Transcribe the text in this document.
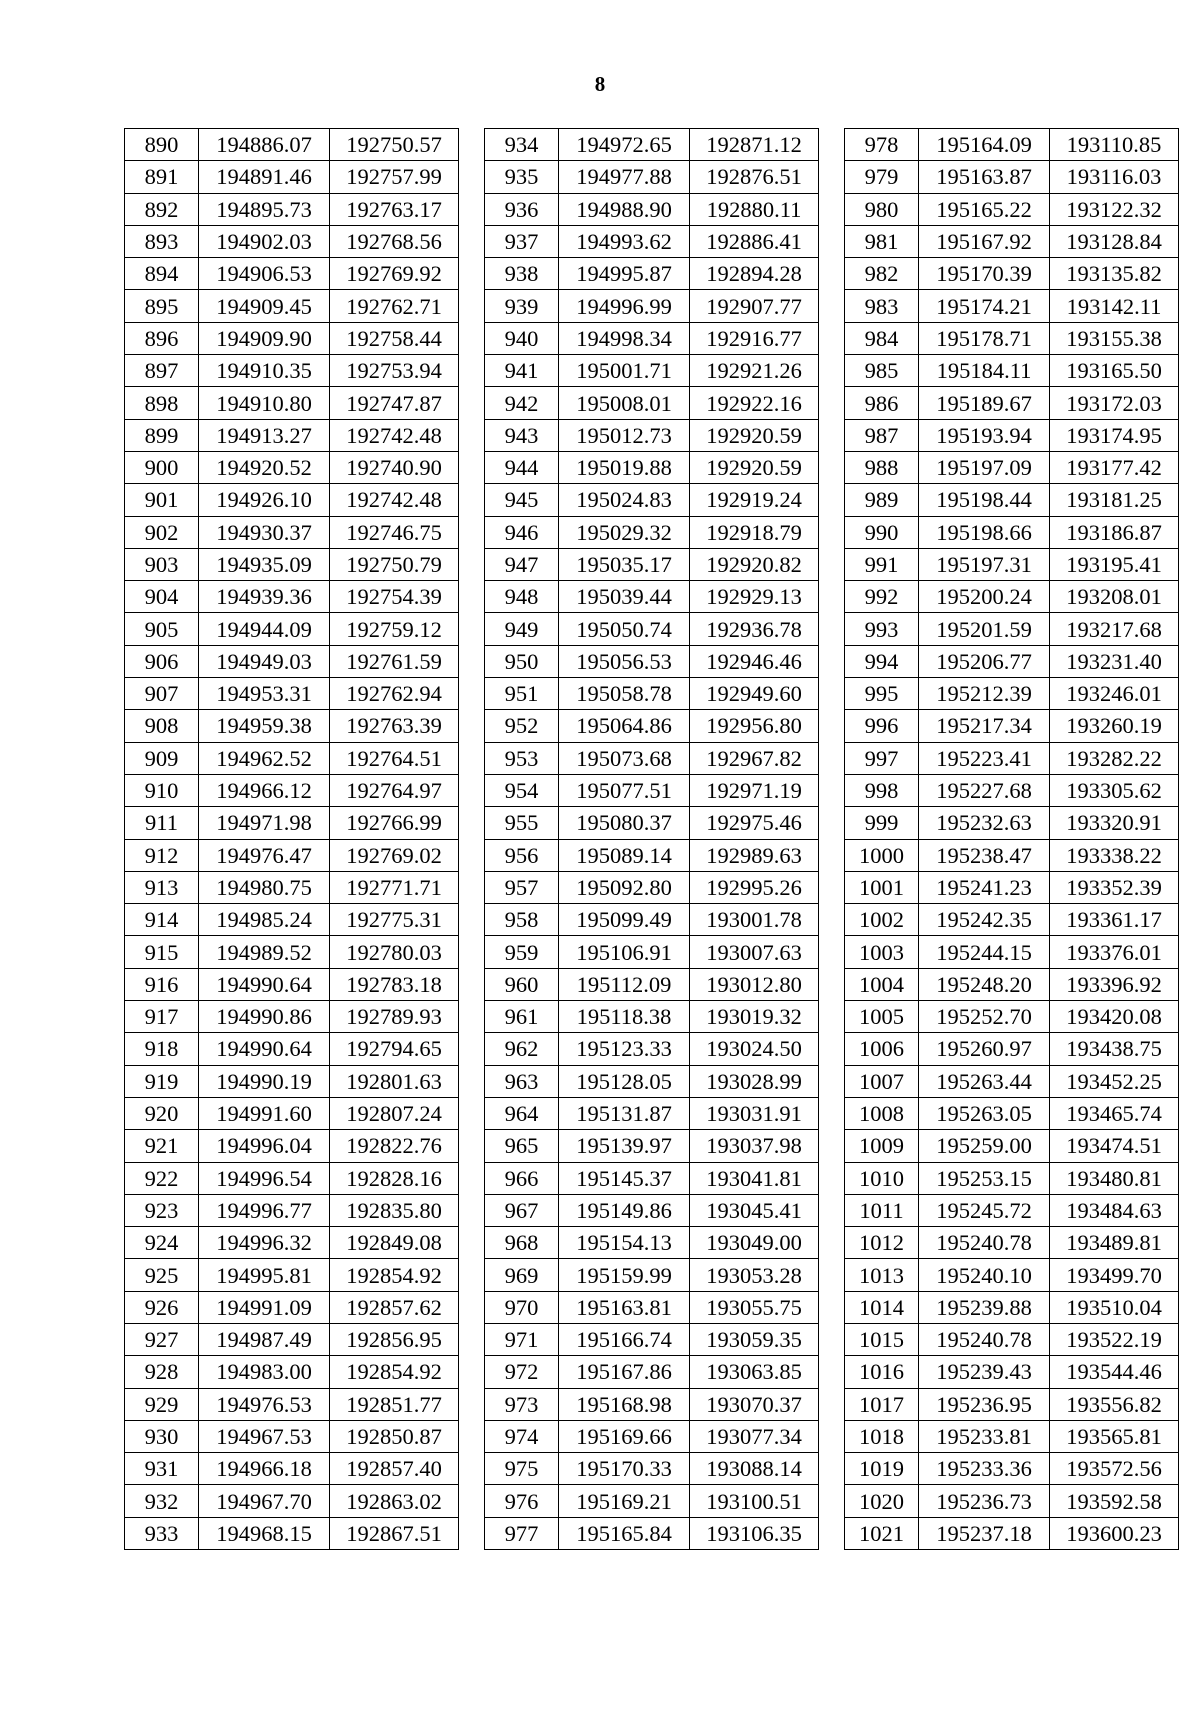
8
890	194886.07	192750.57
891	194891.46	192757.99
892	194895.73	192763.17
893	194902.03	192768.56
894	194906.53	192769.92
895	194909.45	192762.71
896	194909.90	192758.44
897	194910.35	192753.94
898	194910.80	192747.87
899	194913.27	192742.48
900	194920.52	192740.90
901	194926.10	192742.48
902	194930.37	192746.75
903	194935.09	192750.79
904	194939.36	192754.39
905	194944.09	192759.12
906	194949.03	192761.59
907	194953.31	192762.94
908	194959.38	192763.39
909	194962.52	192764.51
910	194966.12	192764.97
911	194971.98	192766.99
912	194976.47	192769.02
913	194980.75	192771.71
914	194985.24	192775.31
915	194989.52	192780.03
916	194990.64	192783.18
917	194990.86	192789.93
918	194990.64	192794.65
919	194990.19	192801.63
920	194991.60	192807.24
921	194996.04	192822.76
922	194996.54	192828.16
923	194996.77	192835.80
924	194996.32	192849.08
925	194995.81	192854.92
926	194991.09	192857.62
927	194987.49	192856.95
928	194983.00	192854.92
929	194976.53	192851.77
930	194967.53	192850.87
931	194966.18	192857.40
932	194967.70	192863.02
933	194968.15	192867.51
934	194972.65	192871.12
935	194977.88	192876.51
936	194988.90	192880.11
937	194993.62	192886.41
938	194995.87	192894.28
939	194996.99	192907.77
940	194998.34	192916.77
941	195001.71	192921.26
942	195008.01	192922.16
943	195012.73	192920.59
944	195019.88	192920.59
945	195024.83	192919.24
946	195029.32	192918.79
947	195035.17	192920.82
948	195039.44	192929.13
949	195050.74	192936.78
950	195056.53	192946.46
951	195058.78	192949.60
952	195064.86	192956.80
953	195073.68	192967.82
954	195077.51	192971.19
955	195080.37	192975.46
956	195089.14	192989.63
957	195092.80	192995.26
958	195099.49	193001.78
959	195106.91	193007.63
960	195112.09	193012.80
961	195118.38	193019.32
962	195123.33	193024.50
963	195128.05	193028.99
964	195131.87	193031.91
965	195139.97	193037.98
966	195145.37	193041.81
967	195149.86	193045.41
968	195154.13	193049.00
969	195159.99	193053.28
970	195163.81	193055.75
971	195166.74	193059.35
972	195167.86	193063.85
973	195168.98	193070.37
974	195169.66	193077.34
975	195170.33	193088.14
976	195169.21	193100.51
977	195165.84	193106.35
978	195164.09	193110.85
979	195163.87	193116.03
980	195165.22	193122.32
981	195167.92	193128.84
982	195170.39	193135.82
983	195174.21	193142.11
984	195178.71	193155.38
985	195184.11	193165.50
986	195189.67	193172.03
987	195193.94	193174.95
988	195197.09	193177.42
989	195198.44	193181.25
990	195198.66	193186.87
991	195197.31	193195.41
992	195200.24	193208.01
993	195201.59	193217.68
994	195206.77	193231.40
995	195212.39	193246.01
996	195217.34	193260.19
997	195223.41	193282.22
998	195227.68	193305.62
999	195232.63	193320.91
1000	195238.47	193338.22
1001	195241.23	193352.39
1002	195242.35	193361.17
1003	195244.15	193376.01
1004	195248.20	193396.92
1005	195252.70	193420.08
1006	195260.97	193438.75
1007	195263.44	193452.25
1008	195263.05	193465.74
1009	195259.00	193474.51
1010	195253.15	193480.81
1011	195245.72	193484.63
1012	195240.78	193489.81
1013	195240.10	193499.70
1014	195239.88	193510.04
1015	195240.78	193522.19
1016	195239.43	193544.46
1017	195236.95	193556.82
1018	195233.81	193565.81
1019	195233.36	193572.56
1020	195236.73	193592.58
1021	195237.18	193600.23
